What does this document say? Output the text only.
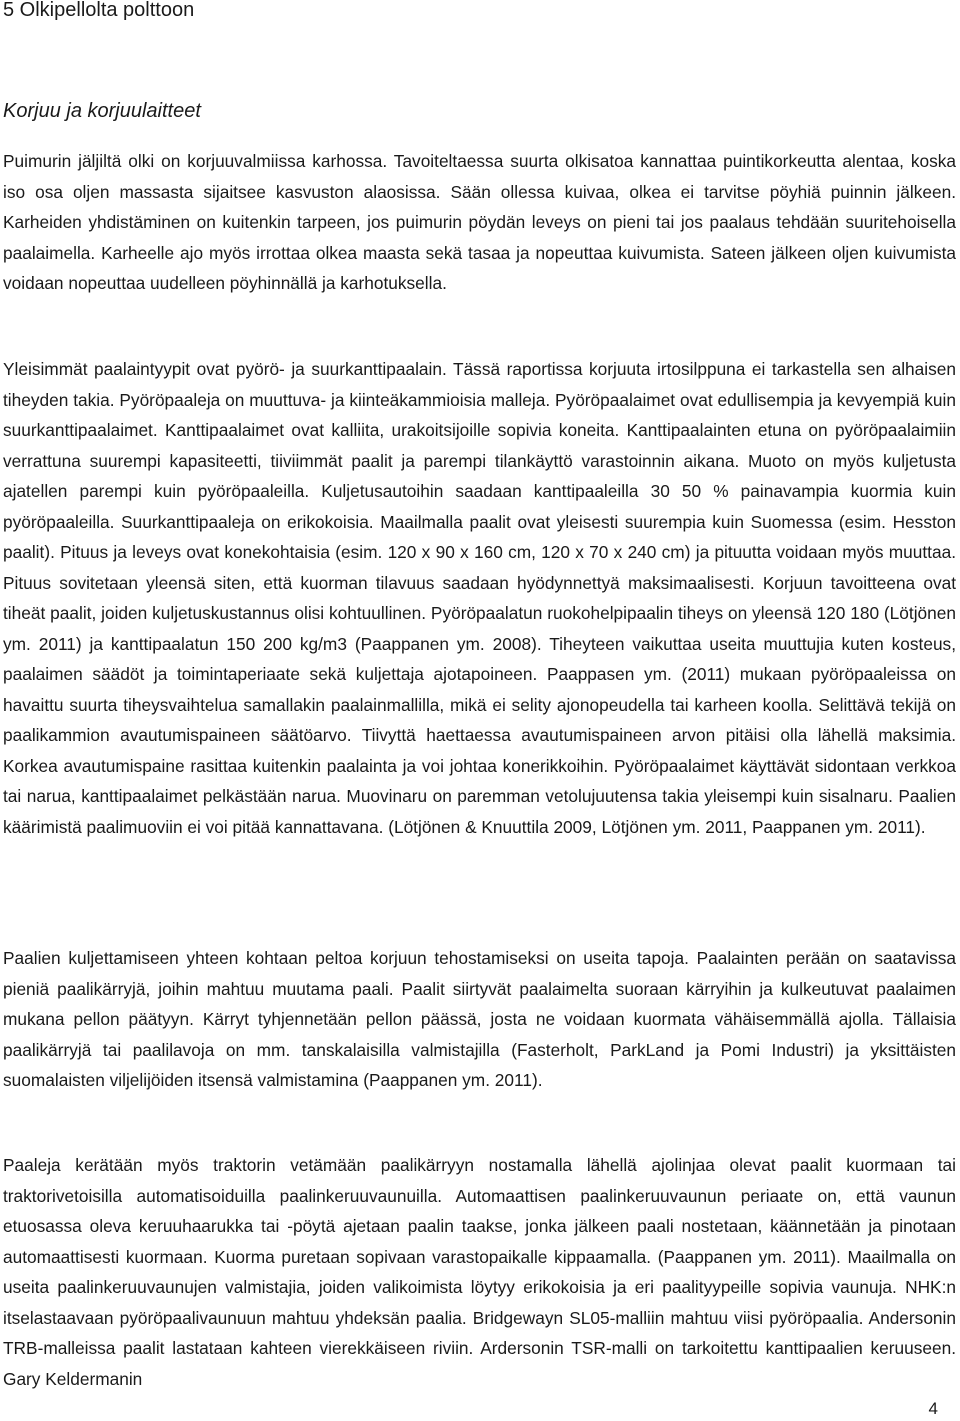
5 Olkipellolta polttoon
Korjuu ja korjuulaitteet

Puimurin jäljiltä olki on korjuuvalmiissa karhossa. Tavoiteltaessa suurta olkisatoa kannattaa puintikorkeutta alentaa, koska iso osa oljen massasta sijaitsee kasvuston alaosissa. Sään ollessa kuivaa, olkea ei tarvitse pöyhiä puinnin jälkeen. Karheiden yhdistäminen on kuitenkin tarpeen, jos puimurin pöydän leveys on pieni tai jos paalaus tehdään suuritehoisella paalaimella. Karheelle ajo myös irrottaa olkea maasta sekä tasaa ja nopeuttaa kuivumista. Sateen jälkeen oljen kuivumista voidaan nopeuttaa uudelleen pöyhinnällä ja karhotuksella.

Yleisimmät paalaintyypit ovat pyörö- ja suurkanttipaalain. Tässä raportissa korjuuta irtosilppuna ei tarkastella sen alhaisen tiheyden takia. Pyöröpaaleja on muuttuva- ja kiinteäkammioisia malleja. Pyöröpaalaimet ovat edullisempia ja kevyempiä kuin suurkanttipaalaimet. Kanttipaalaimet ovat kalliita, urakoitsijoille sopivia koneita. Kanttipaalainten etuna on pyöröpaalaimiin verrattuna suurempi kapasiteetti, tiiviimmät paalit ja parempi tilankäyttö varastoinnin aikana. Muoto on myös kuljetusta ajatellen parempi kuin pyöröpaaleilla. Kuljetusautoihin saadaan kanttipaaleilla 30 50 % painavampia kuormia kuin pyöröpaaleilla. Suurkanttipaaleja on erikokoisia. Maailmalla paalit ovat yleisesti suurempia kuin Suomessa (esim. Hesston paalit). Pituus ja leveys ovat konekohtaisia (esim. 120 x 90 x 160 cm, 120 x 70 x 240 cm) ja pituutta voidaan myös muuttaa. Pituus sovitetaan yleensä siten, että kuorman tilavuus saadaan hyödynnettyä maksimaalisesti. Korjuun tavoitteena ovat tiheät paalit, joiden kuljetuskustannus olisi kohtuullinen. Pyöröpaalatun ruokohelpipaalin tiheys on yleensä 120 180 (Lötjönen ym. 2011) ja kanttipaalatun 150 200 kg/m3 (Paappanen ym. 2008). Tiheyteen vaikuttaa useita muuttujia kuten kosteus, paalaimen säädöt ja toimintaperiaate sekä kuljettaja ajotapoineen. Paappasen ym. (2011) mukaan pyöröpaaleissa on havaittu suurta tiheysvaihtelua samallakin paalainmallilla, mikä ei selity ajonopeudella tai karheen koolla. Selittävä tekijä on paalikammion avautumispaineen säätöarvo. Tiivyttä haettaessa avautumispaineen arvon pitäisi olla lähellä maksimia. Korkea avautumispaine rasittaa kuitenkin paalainta ja voi johtaa konerikkoihin. Pyöröpaalaimet käyttävät sidontaan verkkoa tai narua, kanttipaalaimet pelkästään narua. Muovinaru on paremman vetolujuutensa takia yleisempi kuin sisalnaru. Paalien käärimistä paalimuoviin ei voi pitää kannattavana. (Lötjönen & Knuuttila 2009, Lötjönen ym. 2011, Paappanen ym. 2011).

Paalien kuljettamiseen yhteen kohtaan peltoa korjuun tehostamiseksi on useita tapoja. Paalainten perään on saatavissa pieniä paalikärryjä, joihin mahtuu muutama paali. Paalit siirtyvät paalaimelta suoraan kärryihin ja kulkeutuvat paalaimen mukana pellon päätyyn. Kärryt tyhjennetään pellon päässä, josta ne voidaan kuormata vähäisemmällä ajolla. Tällaisia paalikärryjä tai paalilavoja on mm. tanskalaisilla valmistajilla (Fasterholt, ParkLand ja Pomi Industri) ja yksittäisten suomalaisten viljelijöiden itsensä valmistamina (Paappanen ym. 2011).

Paaleja kerätään myös traktorin vetämään paalikärryyn nostamalla lähellä ajolinjaa olevat paalit kuormaan tai traktorivetoisilla automatisoiduilla paalinkeruuvaunuilla. Automaattisen paalinkeruuvaunun periaate on, että vaunun etuosassa oleva keruuhaarukka tai -pöytä ajetaan paalin taakse, jonka jälkeen paali nostetaan, käännetään ja pinotaan automaattisesti kuormaan. Kuorma puretaan sopivaan varastopaikalle kippaamalla. (Paappanen ym. 2011). Maailmalla on useita paalinkeruuvaunujen valmistajia, joiden valikoimista löytyy erikokoisia ja eri paalityypeille sopivia vaunuja. NHK:n itselastaavaan pyöröpaalivaunuun mahtuu yhdeksän paalia. Bridgewayn SL05-malliin mahtuu viisi pyöröpaalia. Andersonin TRB-malleissa paalit lastataan kahteen vierekkäiseen riviin. Ardersonin TSR-malli on tarkoitettu kanttipaalien keruuseen. Gary Keldermanin

4
